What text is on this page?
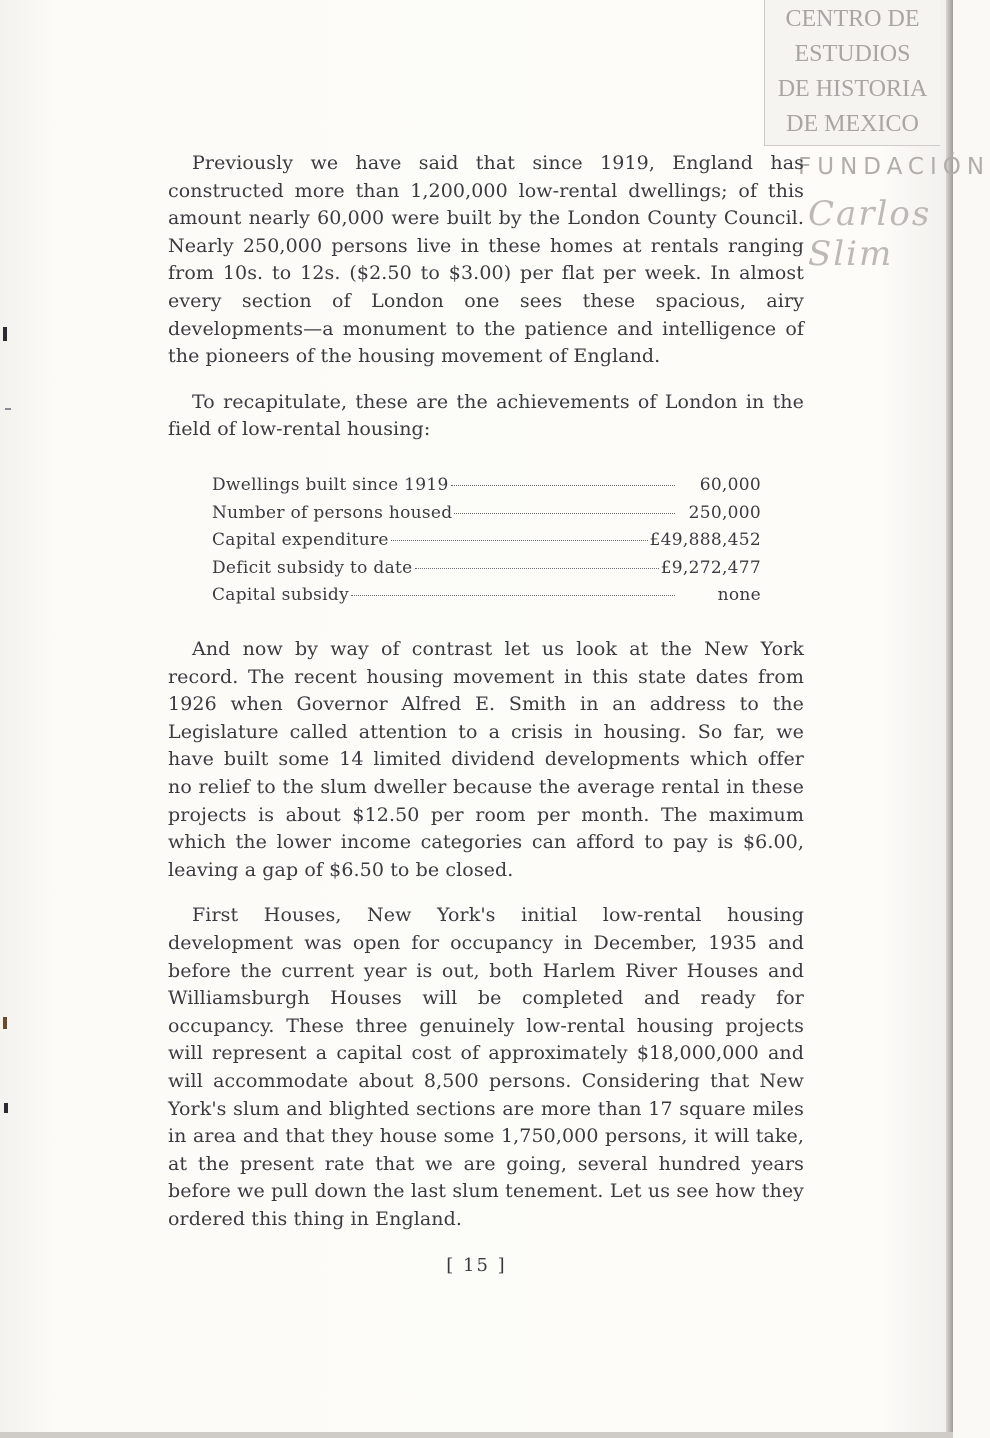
CENTRO DE
ESTUDIOS
DE HISTORIA
DE MEXICO
FUNDACIÓN
Carlos Slim

Previously we have said that since 1919, England has constructed more than 1,200,000 low-rental dwellings; of this amount nearly 60,000 were built by the London County Council. Nearly 250,000 persons live in these homes at rentals ranging from 10s. to 12s. ($2.50 to $3.00) per flat per week. In almost every section of London one sees these spacious, airy developments—a monument to the patience and intelligence of the pioneers of the housing movement of England.

To recapitulate, these are the achievements of London in the field of low-rental housing:

Dwellings built since 1919	60,000
Number of persons housed	250,000
Capital expenditure	£49,888,452
Deficit subsidy to date	£9,272,477
Capital subsidy	none

And now by way of contrast let us look at the New York record. The recent housing movement in this state dates from 1926 when Governor Alfred E. Smith in an address to the Legislature called attention to a crisis in housing. So far, we have built some 14 limited dividend developments which offer no relief to the slum dweller because the average rental in these projects is about $12.50 per room per month. The maximum which the lower income categories can afford to pay is $6.00, leaving a gap of $6.50 to be closed.

First Houses, New York's initial low-rental housing development was open for occupancy in December, 1935 and before the current year is out, both Harlem River Houses and Williamsburgh Houses will be completed and ready for occupancy. These three genuinely low-rental housing projects will represent a capital cost of approximately $18,000,000 and will accommodate about 8,500 persons. Considering that New York's slum and blighted sections are more than 17 square miles in area and that they house some 1,750,000 persons, it will take, at the present rate that we are going, several hundred years before we pull down the last slum tenement. Let us see how they ordered this thing in England.

[ 15 ]
